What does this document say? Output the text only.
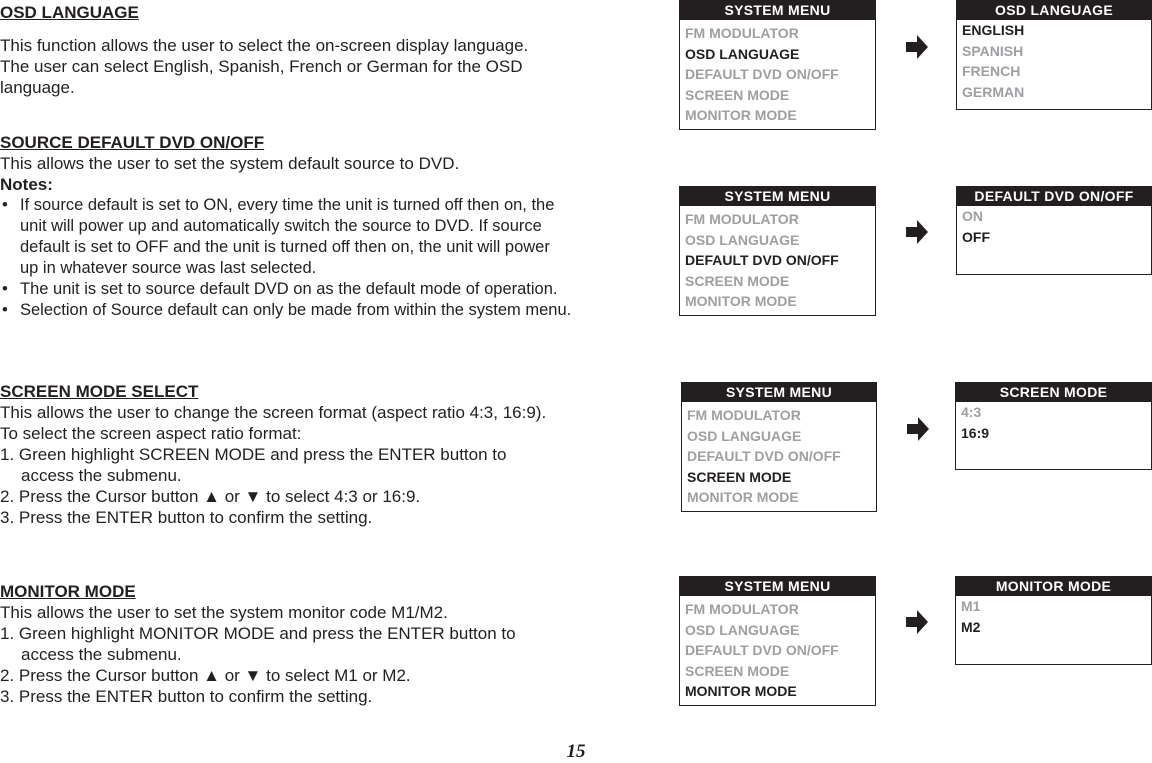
OSD LANGUAGE
This function allows the user to select the on-screen display language.
The user can select English, Spanish, French or German for the OSD
language.
SOURCE DEFAULT DVD ON/OFF
This allows the user to set the system default source to DVD.
Notes:
• If source default is set to ON, every time the unit is turned off then on, the
unit will power up and automatically switch the source to DVD. If source
default is set to OFF and the unit is turned off then on, the unit will power
up in whatever source was last selected.
• The unit is set to source default DVD on as the default mode of operation.
• Selection of Source default can only be made from within the system menu.
SCREEN MODE SELECT
This allows the user to change the screen format (aspect ratio 4:3, 16:9).
To select the screen aspect ratio format:
1. Green highlight SCREEN MODE and press the ENTER button to
access the submenu.
2. Press the Cursor button ▲ or ▼ to select 4:3 or 16:9.
3. Press the ENTER button to confirm the setting.
MONITOR MODE
This allows the user to set the system monitor code M1/M2.
1. Green highlight MONITOR MODE and press the ENTER button to
access the submenu.
2. Press the Cursor button ▲ or ▼ to select M1 or M2.
3. Press the ENTER button to confirm the setting.
SYSTEM MENU
FM MODULATOR
OSD LANGUAGE
DEFAULT DVD ON/OFF
SCREEN MODE
MONITOR MODE
OSD LANGUAGE
ENGLISH
SPANISH
FRENCH
GERMAN
SYSTEM MENU
FM MODULATOR
OSD LANGUAGE
DEFAULT DVD ON/OFF
SCREEN MODE
MONITOR MODE
DEFAULT DVD ON/OFF
ON
OFF
SYSTEM MENU
FM MODULATOR
OSD LANGUAGE
DEFAULT DVD ON/OFF
SCREEN MODE
MONITOR MODE
SCREEN MODE
4:3
16:9
SYSTEM MENU
FM MODULATOR
OSD LANGUAGE
DEFAULT DVD ON/OFF
SCREEN MODE
MONITOR MODE
MONITOR MODE
M1
M2
15
